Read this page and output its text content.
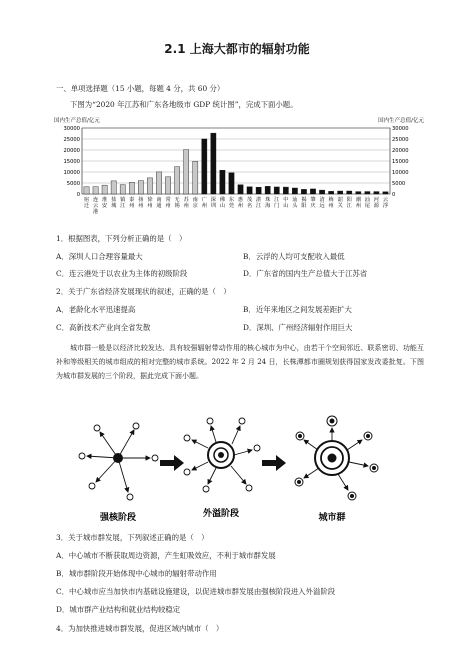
2.1 上海大都市的辐射功能
一、单项选择题（15 小题，每题 4 分，共 60 分）
下图为“2020 年江苏和广东各地级市 GDP 统计图”，完成下面小题。
国内生产总值/亿元	国内生产总值/亿元
0	0
5000	5000
10000	10000
15000	15000
20000	20000
25000	25000
30000	30000
宿迁
连云港
淮安
盐城
镇江
泰州
扬州
徐州
南通
常州
无锡
苏州
南京
广州
深圳
佛山
东莞
惠州
茂名
湛江
珠海
江门
中山
汕头
揭阳
肇庆
清远
梅州
韶关
阳江
潮州
汕尾
河源
云浮
1．根据图表，下列分析正确的是（　）
A．深圳人口合理容量最大	B．云浮的人均可支配收入最低
C．连云港处于以农业为主体的初级阶段	D．广东省的国内生产总值大于江苏省
2．关于广东省经济发展现状的叙述，正确的是（　）
A．老龄化水平迅速提高	B．近年来地区之间发展差距扩大
C．高新技术产业向全省发散	D．深圳、广州经济辐射作用巨大
城市群一般是以经济比较发达、具有较强辐射带动作用的核心城市为中心，由若干个空间邻近、联系密切、功能互补和等级相关的城市组成的相对完整的城市系统。2022 年 2 月 24 日，长株潭都市圈规划获得国家发改委批复。下图为城市群发展的三个阶段，据此完成下面小题。
强核阶段	外溢阶段	城市群
3．关于城市群发展，下列叙述正确的是（　）
A．中心城市不断获取周边资源，产生虹吸效应，不利于城市群发展
B．城市群阶段开始体现中心城市的辐射带动作用
C．中心城市应当加快市内基础设施建设，以促进城市群发展由强核阶段进入外溢阶段
D．城市群产业结构和就业结构较稳定
4．为加快推进城市群发展，促进区域内城市（　）
